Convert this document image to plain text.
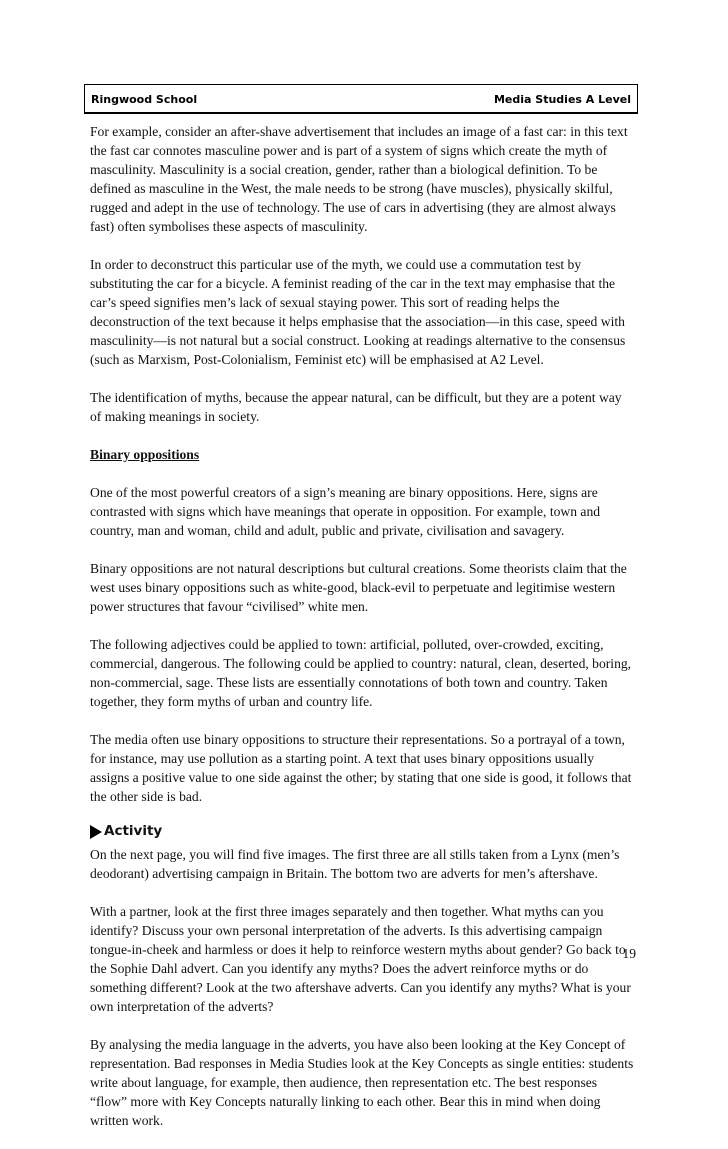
Ringwood School	Media Studies A Level

For example, consider an after-shave advertisement that includes an image of a fast car: in this text the fast car connotes masculine power and is part of a system of signs which create the myth of masculinity. Masculinity is a social creation, gender, rather than a biological definition. To be defined as masculine in the West, the male needs to be strong (have muscles), physically skilful, rugged and adept in the use of technology. The use of cars in advertising (they are almost always fast) often symbolises these aspects of masculinity.

In order to deconstruct this particular use of the myth, we could use a commutation test by substituting the car for a bicycle. A feminist reading of the car in the text may emphasise that the car’s speed signifies men’s lack of sexual staying power. This sort of reading helps the deconstruction of the text because it helps emphasise that the association—in this case, speed with masculinity—is not natural but a social construct. Looking at readings alternative to the consensus (such as Marxism, Post-Colonialism, Feminist etc) will be emphasised at A2 Level.

The identification of myths, because the appear natural, can be difficult, but they are a potent way of making meanings in society.

Binary oppositions

One of the most powerful creators of a sign’s meaning are binary oppositions. Here, signs are contrasted with signs which have meanings that operate in opposition. For example, town and country, man and woman, child and adult, public and private, civilisation and savagery.

Binary oppositions are not natural descriptions but cultural creations. Some theorists claim that the west uses binary oppositions such as white-good, black-evil to perpetuate and legitimise western power structures that favour “civilised” white men.

The following adjectives could be applied to town: artificial, polluted, over-crowded, exciting, commercial, dangerous. The following could be applied to country: natural, clean, deserted, boring, non-commercial, sage. These lists are essentially connotations of both town and country. Taken together, they form myths of urban and country life.

The media often use binary oppositions to structure their representations. So a portrayal of a town, for instance, may use pollution as a starting point. A text that uses binary oppositions usually assigns a positive value to one side against the other; by stating that one side is good, it follows that the other side is bad.

Activity

On the next page, you will find five images. The first three are all stills taken from a Lynx (men’s deodorant) advertising campaign in Britain. The bottom two are adverts for men’s aftershave.

With a partner, look at the first three images separately and then together. What myths can you identify? Discuss your own personal interpretation of the adverts. Is this advertising campaign tongue-in-cheek and harmless or does it help to reinforce western myths about gender? Go back to the Sophie Dahl advert. Can you identify any myths? Does the advert reinforce myths or do something different? Look at the two aftershave adverts. Can you identify any myths? What is your own interpretation of the adverts?

By analysing the media language in the adverts, you have also been looking at the Key Concept of representation. Bad responses in Media Studies look at the Key Concepts as single entities: students write about language, for example, then audience, then representation etc. The best responses “flow” more with Key Concepts naturally linking to each other. Bear this in mind when doing written work.

19
